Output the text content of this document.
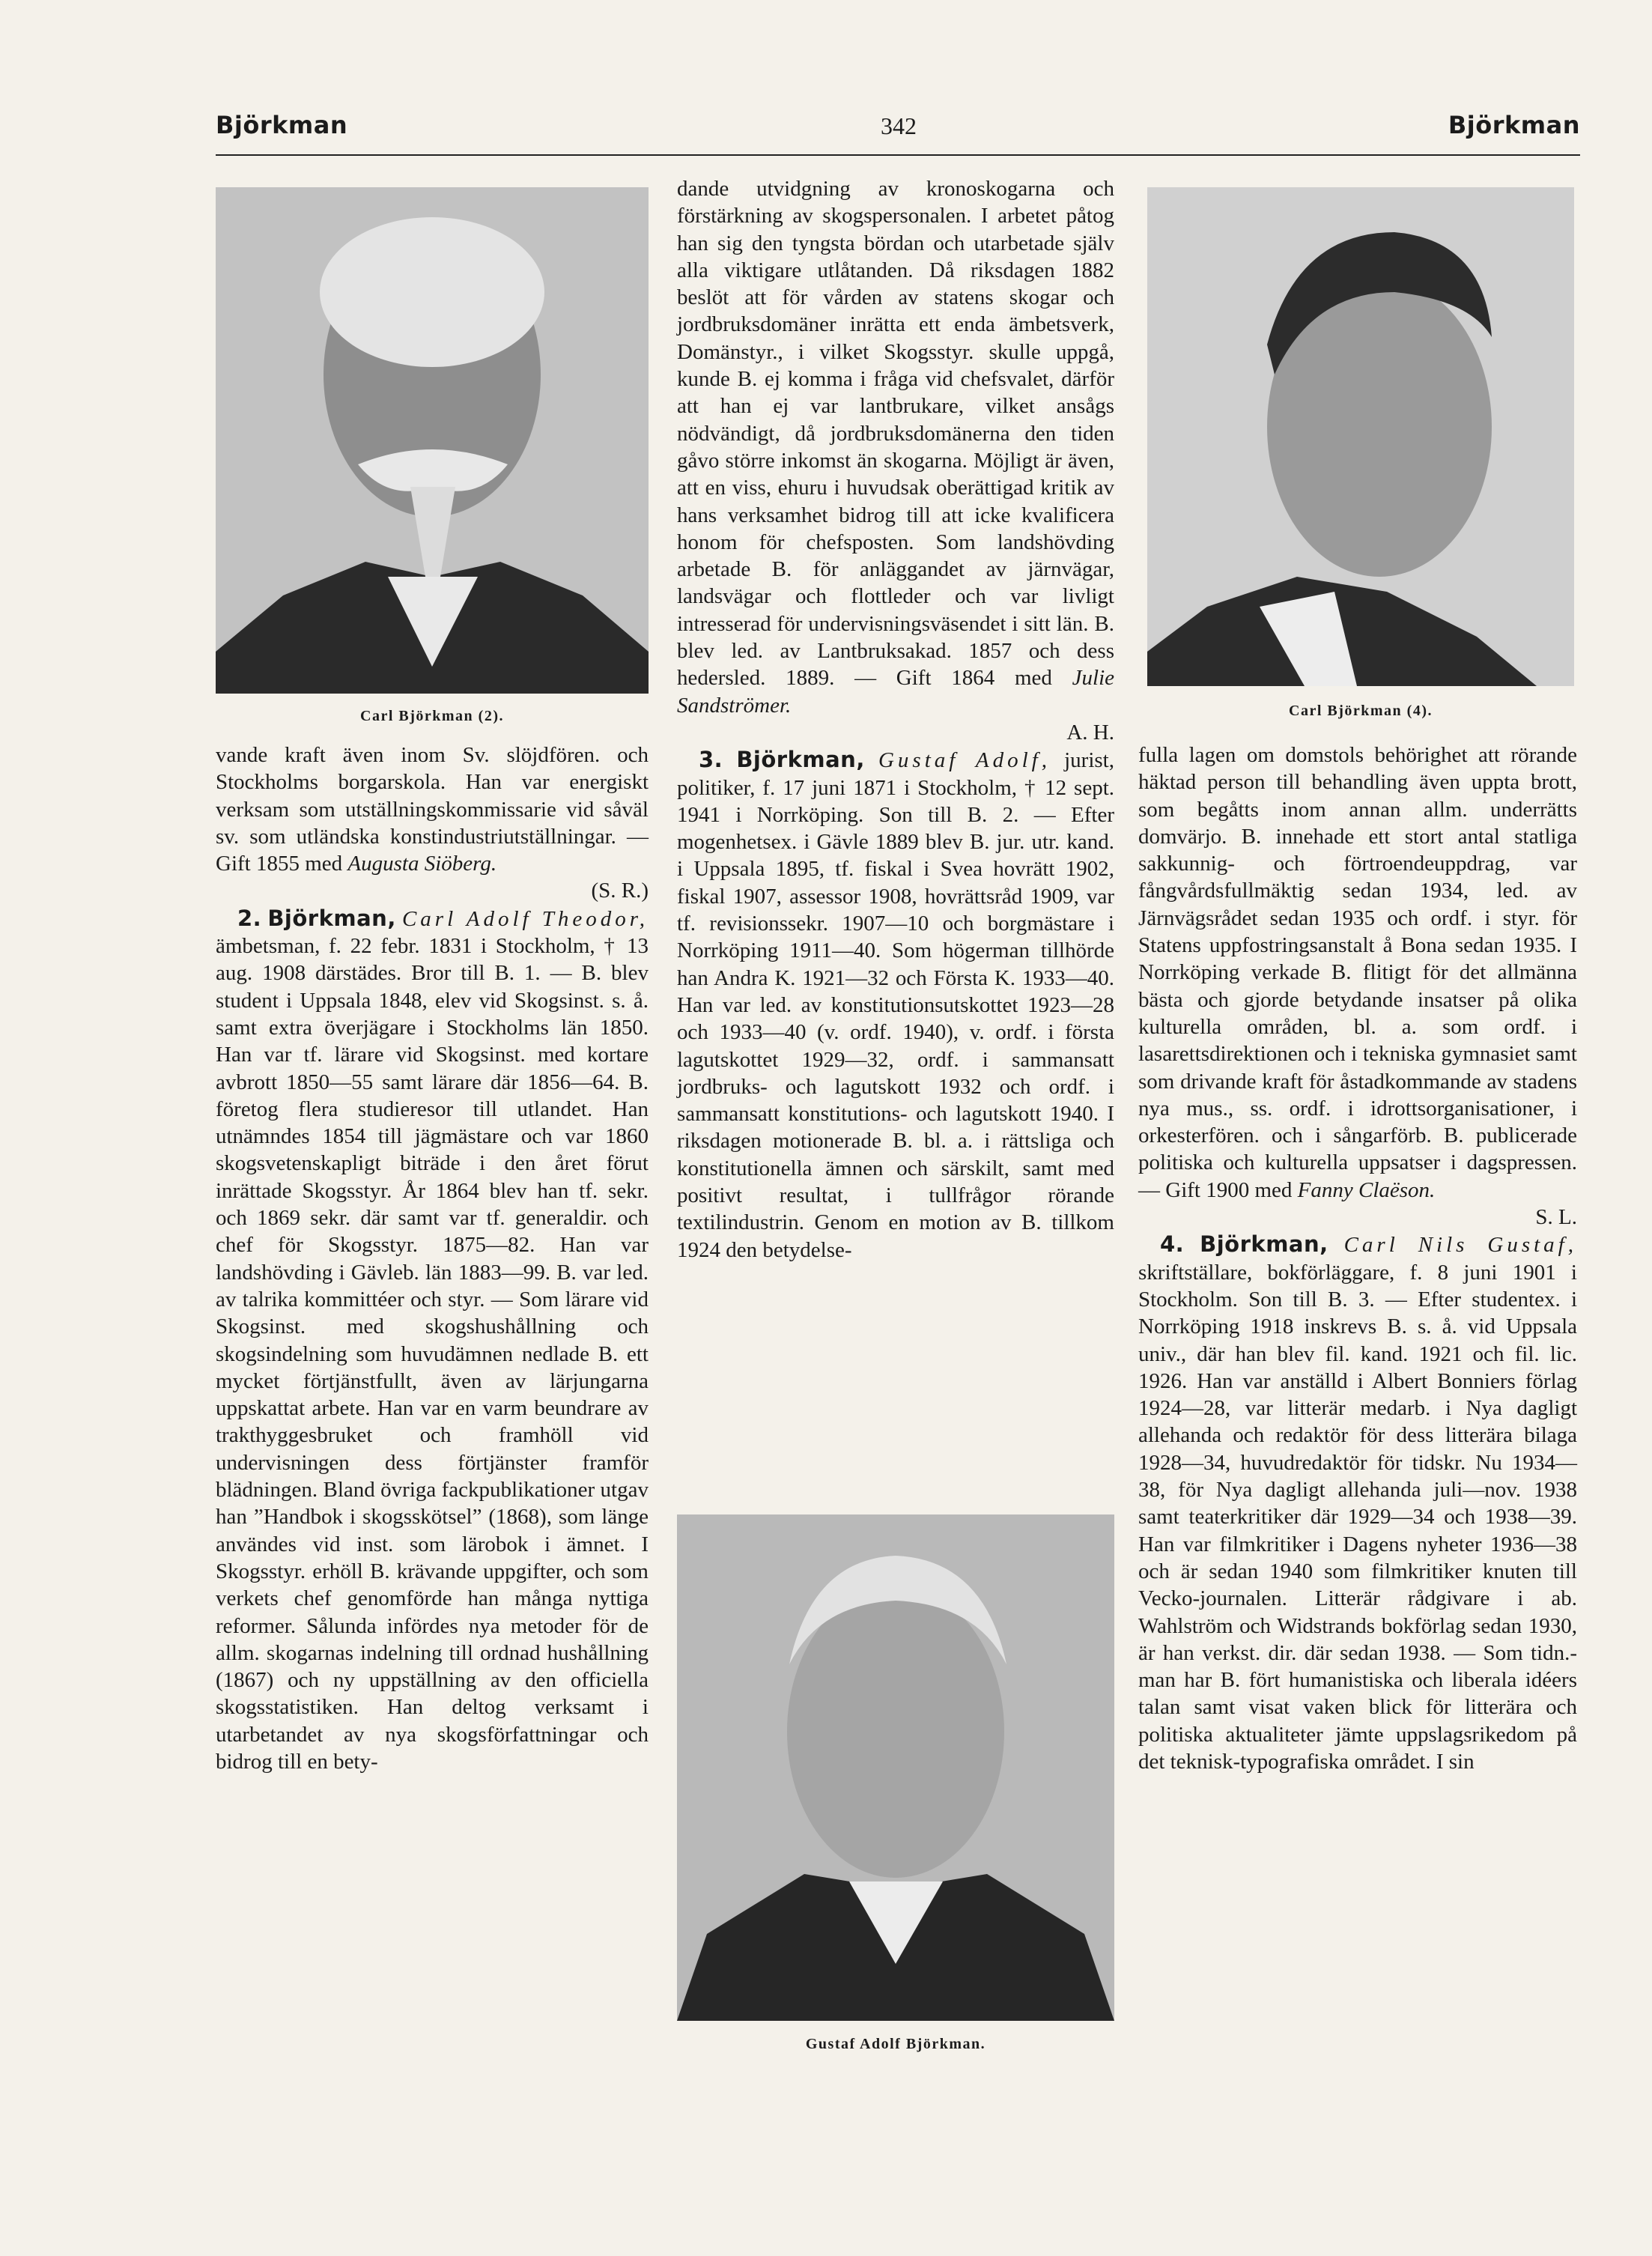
Björkman	342	Björkman
Carl Björkman (2).	Carl Björkman (4).
Gustaf Adolf Björkman.

vande kraft även inom Sv. slöjdfören. och Stockholms borgarskola. Han var energiskt verksam som utställningskommissarie vid såväl sv. som utländska konstindustriutställningar. — Gift 1855 med Augusta Siöberg.

(S. R.)

 2. Björkman, Carl Adolf Theodor, ämbetsman, f. 22 febr. 1831 i Stockholm, † 13 aug. 1908 därstädes. Bror till B. 1. — B. blev student i Uppsala 1848, elev vid Skogsinst. s. å. samt extra överjägare i Stockholms län 1850. Han var tf. lärare vid Skogsinst. med kortare avbrott 1850—55 samt lärare där 1856—64. B. företog flera studieresor till utlandet. Han utnämndes 1854 till jägmästare och var 1860 skogsvetenskapligt biträde i den året förut inrättade Skogsstyr. År 1864 blev han tf. sekr. och 1869 sekr. där samt var tf. generaldir. och chef för Skogsstyr. 1875—82. Han var landshövding i Gävleb. län 1883—99. B. var led. av talrika kommittéer och styr. — Som lärare vid Skogsinst. med skogshushållning och skogsindelning som huvudämnen nedlade B. ett mycket förtjänstfullt, även av lärjungarna uppskattat arbete. Han var en varm beundrare av trakthyggesbruket och framhöll vid undervisningen dess förtjänster framför blädningen. Bland övriga fackpublikationer utgav han ”Handbok i skogsskötsel” (1868), som länge användes vid inst. som lärobok i ämnet. I Skogsstyr. erhöll B. krävande uppgifter, och som verkets chef genomförde han många nyttiga reformer. Sålunda infördes nya metoder för de allm. skogarnas indelning till ordnad hushållning (1867) och ny uppställning av den officiella skogsstatistiken. Han deltog verksamt i utarbetandet av nya skogsförfattningar och bidrog till en bety-

dande utvidgning av kronoskogarna och förstärkning av skogspersonalen. I arbetet påtog han sig den tyngsta bördan och utarbetade själv alla viktigare utlåtanden. Då riksdagen 1882 beslöt att för vården av statens skogar och jordbruksdomäner inrätta ett enda ämbetsverk, Domänstyr., i vilket Skogsstyr. skulle uppgå, kunde B. ej komma i fråga vid chefsvalet, därför att han ej var lantbrukare, vilket ansågs nödvändigt, då jordbruksdomänerna den tiden gåvo större inkomst än skogarna. Möjligt är även, att en viss, ehuru i huvudsak oberättigad kritik av hans verksamhet bidrog till att icke kvalificera honom för chefsposten. Som landshövding arbetade B. för anläggandet av järnvägar, landsvägar och flottleder och var livligt intresserad för undervisningsväsendet i sitt län. B. blev led. av Lantbruksakad. 1857 och dess hedersled. 1889. — Gift 1864 med Julie Sandströmer.

A. H.

 3. Björkman, Gustaf Adolf, jurist, politiker, f. 17 juni 1871 i Stockholm, † 12 sept. 1941 i Norrköping. Son till B. 2. — Efter mogenhetsex. i Gävle 1889 blev B. jur. utr. kand. i Uppsala 1895, tf. fiskal i Svea hovrätt 1902, fiskal 1907, assessor 1908, hovrättsråd 1909, var tf. revisionssekr. 1907—10 och borgmästare i Norrköping 1911—40. Som högerman tillhörde han Andra K. 1921—32 och Första K. 1933—40. Han var led. av konstitutionsutskottet 1923—28 och 1933—40 (v. ordf. 1940), v. ordf. i första lagutskottet 1929—32, ordf. i sammansatt jordbruks- och lagutskott 1932 och ordf. i sammansatt konstitutions- och lagutskott 1940. I riksdagen motionerade B. bl. a. i rättsliga och konstitutionella ämnen och särskilt, samt med positivt resultat, i tullfrågor rörande textilindustrin. Genom en motion av B. tillkom 1924 den betydelse-

fulla lagen om domstols behörighet att rörande häktad person till behandling även uppta brott, som begåtts inom annan allm. underrätts domvärjo. B. innehade ett stort antal statliga sakkunnig- och förtroendeuppdrag, var fångvårdsfullmäktig sedan 1934, led. av Järnvägsrådet sedan 1935 och ordf. i styr. för Statens uppfostringsanstalt å Bona sedan 1935. I Norrköping verkade B. flitigt för det allmänna bästa och gjorde betydande insatser på olika kulturella områden, bl. a. som ordf. i lasarettsdirektionen och i tekniska gymnasiet samt som drivande kraft för åstadkommande av stadens nya mus., ss. ordf. i idrottsorganisationer, i orkesterfören. och i sångarförb. B. publicerade politiska och kulturella uppsatser i dagspressen. — Gift 1900 med Fanny Claëson.

S. L.

 4. Björkman, Carl Nils Gustaf, skriftställare, bokförläggare, f. 8 juni 1901 i Stockholm. Son till B. 3. — Efter studentex. i Norrköping 1918 inskrevs B. s. å. vid Uppsala univ., där han blev fil. kand. 1921 och fil. lic. 1926. Han var anställd i Albert Bonniers förlag 1924—28, var litterär medarb. i Nya dagligt allehanda och redaktör för dess litterära bilaga 1928—34, huvudredaktör för tidskr. Nu 1934—38, för Nya dagligt allehanda juli—nov. 1938 samt teaterkritiker där 1929—34 och 1938—39. Han var filmkritiker i Dagens nyheter 1936—38 och är sedan 1940 som filmkritiker knuten till Vecko-journalen. Litterär rådgivare i ab. Wahlström och Widstrands bokförlag sedan 1930, är han verkst. dir. där sedan 1938. — Som tidn.-man har B. fört humanistiska och liberala idéers talan samt visat vaken blick för litterära och politiska aktualiteter jämte uppslagsrikedom på det teknisk-typografiska området. I sin
